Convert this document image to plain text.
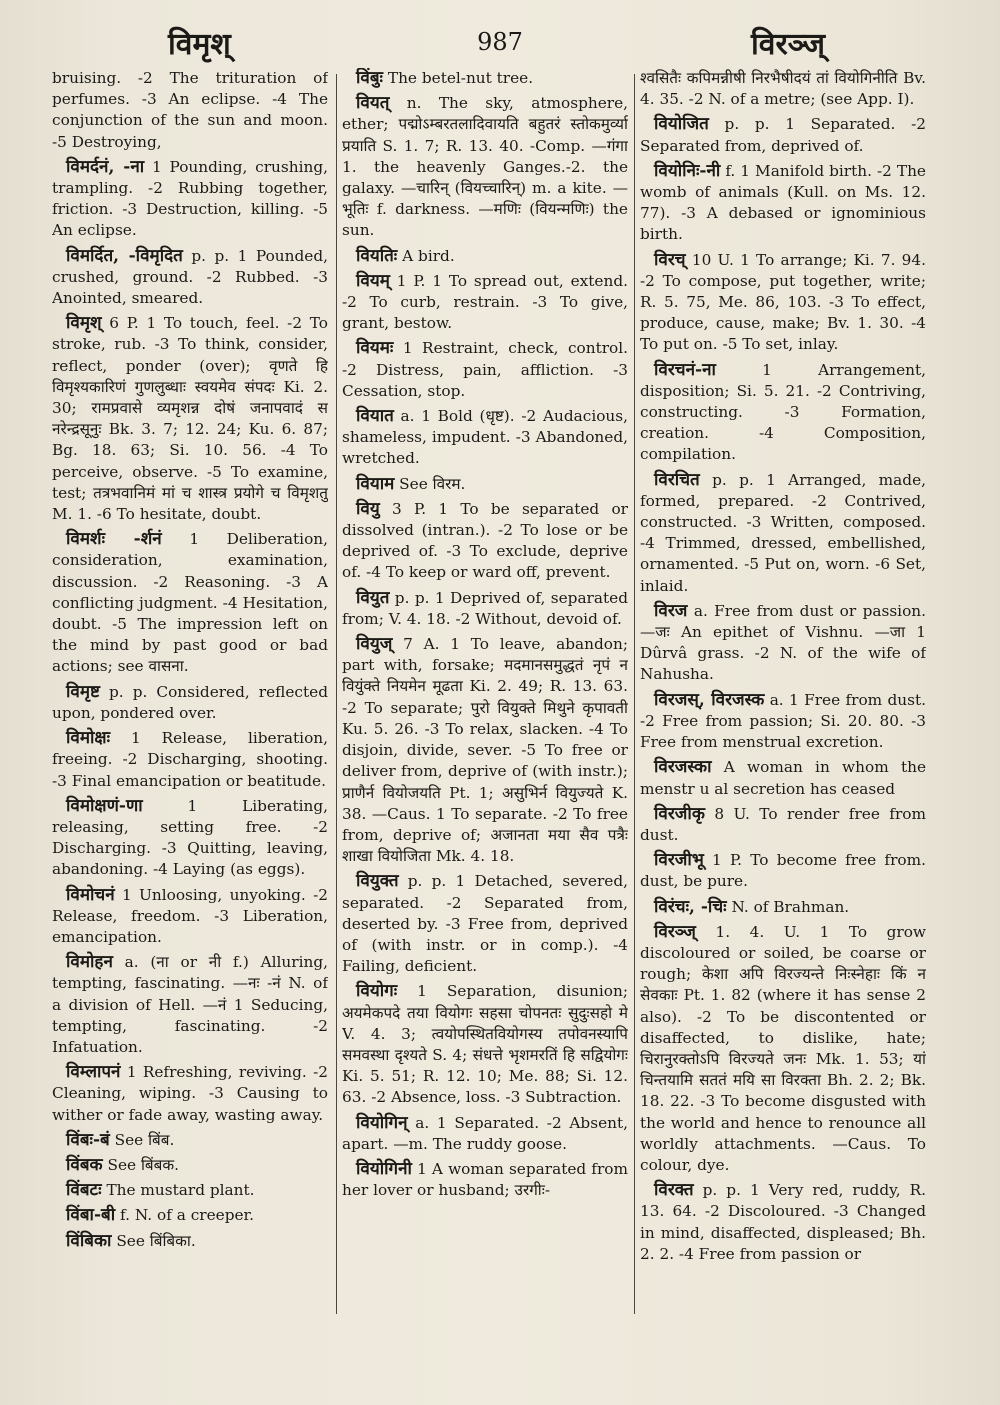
विमृश्	987	विरञ्ज्

bruising. -2 The trituration of perfumes. -3 An eclipse. -4 The conjunction of the sun and moon. -5 Destroying,

विमर्दनं, -ना 1 Pounding, crushing, trampling. -2 Rubbing together, friction. -3 Destruction, killing. -5 An eclipse.

विमर्दित, -विमृदित p. p. 1 Pounded, crushed, ground. -2 Rubbed. -3 Anointed, smeared.

विमृश् 6 P. 1 To touch, feel. -2 To stroke, rub. -3 To think, consider, reflect, ponder (over); वृणते हि विमृश्यकारिणं गुणलुब्धाः स्वयमेव संपदः Ki. 2. 30; रामप्रवासे व्यमृशन्न दोषं जनापवादं स नरेन्द्रसूनुः Bk. 3. 7; 12. 24; Ku. 6. 87; Bg. 18. 63; Si. 10. 56. -4 To perceive, observe. -5 To examine, test; तत्रभवानिमं मां च शास्त्र प्रयोगे च विमृशतु M. 1. -6 To hesitate, doubt.

विमर्शः -र्शनं 1 Deliberation, consideration, examination, discussion. -2 Reasoning. -3 A conflicting judgment. -4 Hesitation, doubt. -5 The impression left on the mind by past good or bad actions; see वासना.

विमृष्ट p. p. Considered, reflected upon, pondered over.

विमोक्षः 1 Release, liberation, freeing. -2 Discharging, shooting. -3 Final emancipation or beatitude.

विमोक्षणं-णा	1 Liberating, releasing, setting free. -2 Discharging. -3 Quitting, leaving, abandoning. -4 Laying (as eggs).

विमोचनं 1 Unloosing, unyoking. -2 Release, freedom. -3 Liberation, emancipation.

विमोहन a. (ना or नी f.) Alluring, tempting, fascinating. —नः -नं N. of a division of Hell. —नं 1 Seducing, tempting, fascinating. -2 Infatuation.

विम्लापनं 1 Refreshing, reviving. -2 Cleaning, wiping. -3 Causing to wither or fade away, wasting away.

विंबः-बं See बिंब.

विंबक See बिंबक.

विंबटः The mustard plant.

विंबा-बी f. N. of a creeper.

विंबिका See बिंबिका.

विंबुः The betel-nut tree.

वियत् n. The sky, atmosphere, ether; पद्मोऽम्बरतलादिवायति बहुतरं स्तोकमुर्व्या प्रयाति S. 1. 7; R. 13. 40. -Comp. —गंगा 1. the heavenly Ganges.-2. the galaxy. —चारिन् (वियच्चारिन्) m. a kite. —भूतिः f. darkness. —मणिः (वियन्मणिः) the sun.

वियतिः A bird.

वियम् 1 P. 1 To spread out, extend. -2 To curb, restrain. -3 To give, grant, bestow.

वियमः 1 Restraint, check, control. -2 Distress, pain, affliction. -3 Cessation, stop.

वियात a. 1 Bold (धृष्ट). -2 Audacious, shameless, impudent. -3 Abandoned, wretched.

वियाम See विरम.

वियु 3 P. 1 To be separated or dissolved (intran.). -2 To lose or be deprived of. -3 To exclude, deprive of. -4 To keep or ward off, prevent.

वियुत p. p. 1 Deprived of, separated from; V. 4. 18. -2 Without, devoid of.

वियुज् 7 A. 1 To leave, abandon; part with, forsake; मदमानसमुद्धतं नृपं न वियुंक्ते नियमेन मूढता Ki. 2. 49; R. 13. 63. -2 To separate; पुरो वियुक्ते मिथुने कृपावती Ku. 5. 26. -3 To relax, slacken. -4 To disjoin, divide, sever. -5 To free or deliver from, deprive of (with instr.); प्राणैर्न वियोजयति Pt. 1; असुभिर्न वियुज्यते K. 38. —Caus. 1 To separate. -2 To free from, deprive of; अजानता मया सैव पत्रैः शाखा वियोजिता Mk. 4. 18.

वियुक्त p. p. 1 Detached, severed, separated. -2 Separated from, deserted by. -3 Free from, deprived of (with instr. or in comp.). -4 Failing, deficient.

वियोगः 1 Separation, disunion; अयमेकपदे तया वियोगः सहसा चोपनतः सुदुःसहो मे V. 4. 3; त्वयोपस्थितवियोगस्य तपोवनस्यापि समवस्था दृश्यते S. 4; संधत्ते भृशमरतिं हि सद्वियोगः Ki. 5. 51; R. 12. 10; Me. 88; Si. 12. 63. -2 Absence, loss. -3 Subtraction.

वियोगिन् a. 1 Separated. -2 Absent, apart. —m. The ruddy goose.

वियोगिनी 1 A woman separated from her lover or husband; उरगीः-

श्वसितैः कपिमन्नीषी निरभैषीदयं तां वियोगिनीति Bv. 4. 35. -2 N. of a metre; (see App. I).

वियोजित p. p. 1 Separated. -2 Separated from, deprived of.

वियोनिः-नी f. 1 Manifold birth. -2 The womb of animals (Kull. on Ms. 12. 77). -3 A debased or ignominious birth.

विरच् 10 U. 1 To arrange; Ki. 7. 94. -2 To compose, put together, write; R. 5. 75, Me. 86, 103. -3 To effect, produce, cause, make; Bv. 1. 30. -4 To put on. -5 To set, inlay.

विरचनं-ना	1 Arrangement, disposition; Si. 5. 21. -2 Contriving, constructing. -3 Formation, creation. -4 Composition, compilation.

विरचित p. p. 1 Arranged, made, formed, prepared. -2 Contrived, constructed. -3 Written, composed. -4 Trimmed, dressed, embellished, ornamented. -5 Put on, worn. -6 Set, inlaid.

विरज a. Free from dust or passion. —जः An epithet of Vishnu. —जा 1 Dûrvâ grass. -2 N. of the wife of Nahusha.

विरजस्, विरजस्क a. 1 Free from dust. -2 Free from passion; Si. 20. 80. -3 Free from menstrual excretion.

विरजस्का A woman in whom the menstr u al secretion has ceased

विरजीकृ 8 U. To render free from dust.

विरजीभू 1 P. To become free from. dust, be pure.

विरंचः, -चिः N. of Brahman.

विरञ्ज् 1. 4. U. 1 To grow discoloured or soiled, be coarse or rough; केशा अपि विरज्यन्ते निःस्नेहाः किं न सेवकाः Pt. 1. 82 (where it has sense 2 also). -2 To be discontented or disaffected, to dislike, hate; चिरानुरक्तोऽपि विरज्यते जनः Mk. 1. 53; यां चिन्तयामि सततं मयि सा विरक्ता Bh. 2. 2; Bk. 18. 22. -3 To become disgusted with the world and hence to renounce all worldly attachments. —Caus. To colour, dye.

विरक्त p. p. 1 Very red, ruddy, R. 13. 64. -2 Discoloured. -3 Changed in mind, disaffected, displeased; Bh. 2. 2. -4 Free from passion or
